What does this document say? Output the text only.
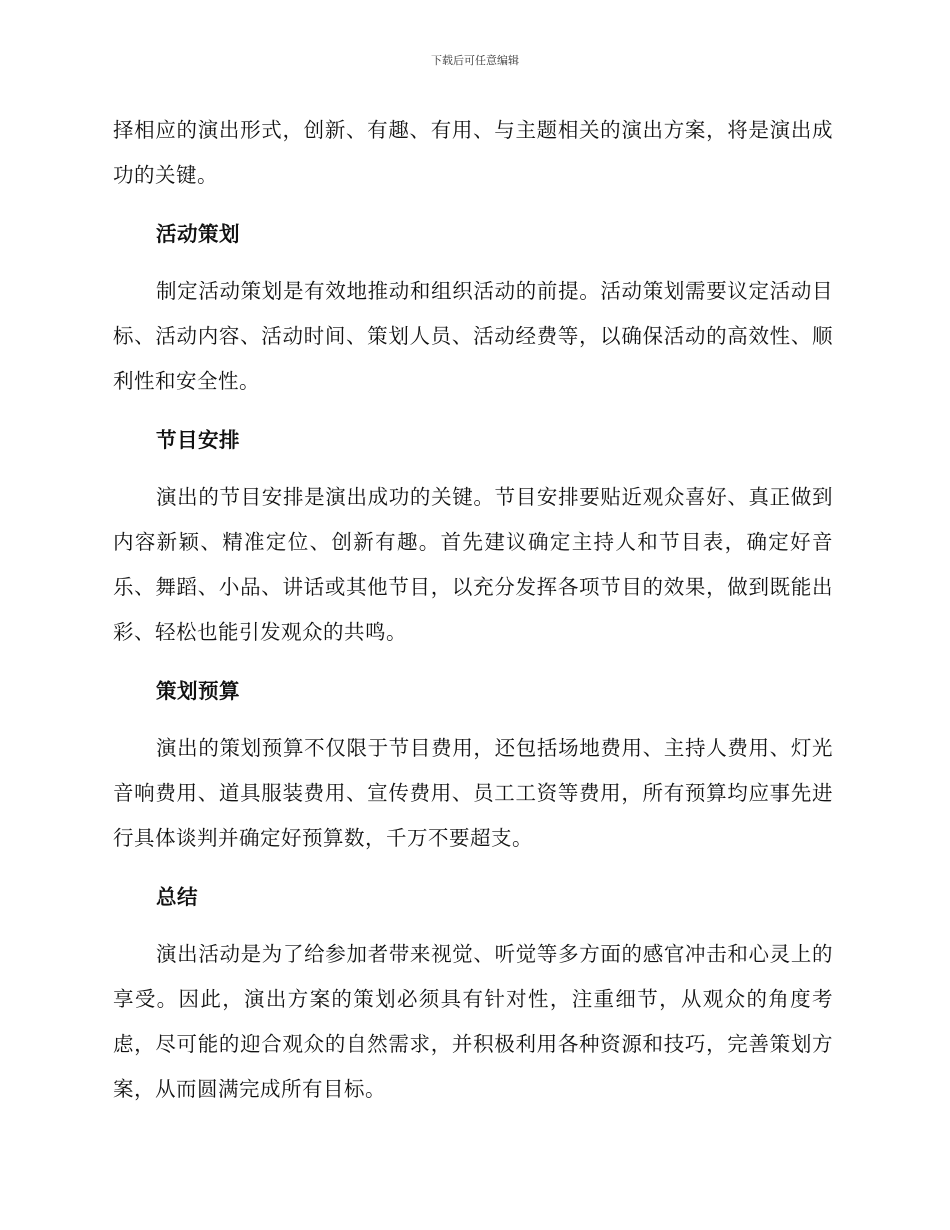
下载后可任意编辑

择相应的演出形式，创新、有趣、有用、与主题相关的演出方案，将是演出成功的关键。

活动策划

制定活动策划是有效地推动和组织活动的前提。活动策划需要议定活动目标、活动内容、活动时间、策划人员、活动经费等，以确保活动的高效性、顺利性和安全性。

节目安排

演出的节目安排是演出成功的关键。节目安排要贴近观众喜好、真正做到内容新颖、精准定位、创新有趣。首先建议确定主持人和节目表，确定好音乐、舞蹈、小品、讲话或其他节目，以充分发挥各项节目的效果，做到既能出彩、轻松也能引发观众的共鸣。

策划预算

演出的策划预算不仅限于节目费用，还包括场地费用、主持人费用、灯光音响费用、道具服装费用、宣传费用、员工工资等费用，所有预算均应事先进行具体谈判并确定好预算数，千万不要超支。

总结

演出活动是为了给参加者带来视觉、听觉等多方面的感官冲击和心灵上的享受。因此，演出方案的策划必须具有针对性，注重细节，从观众的角度考虑，尽可能的迎合观众的自然需求，并积极利用各种资源和技巧，完善策划方案，从而圆满完成所有目标。
